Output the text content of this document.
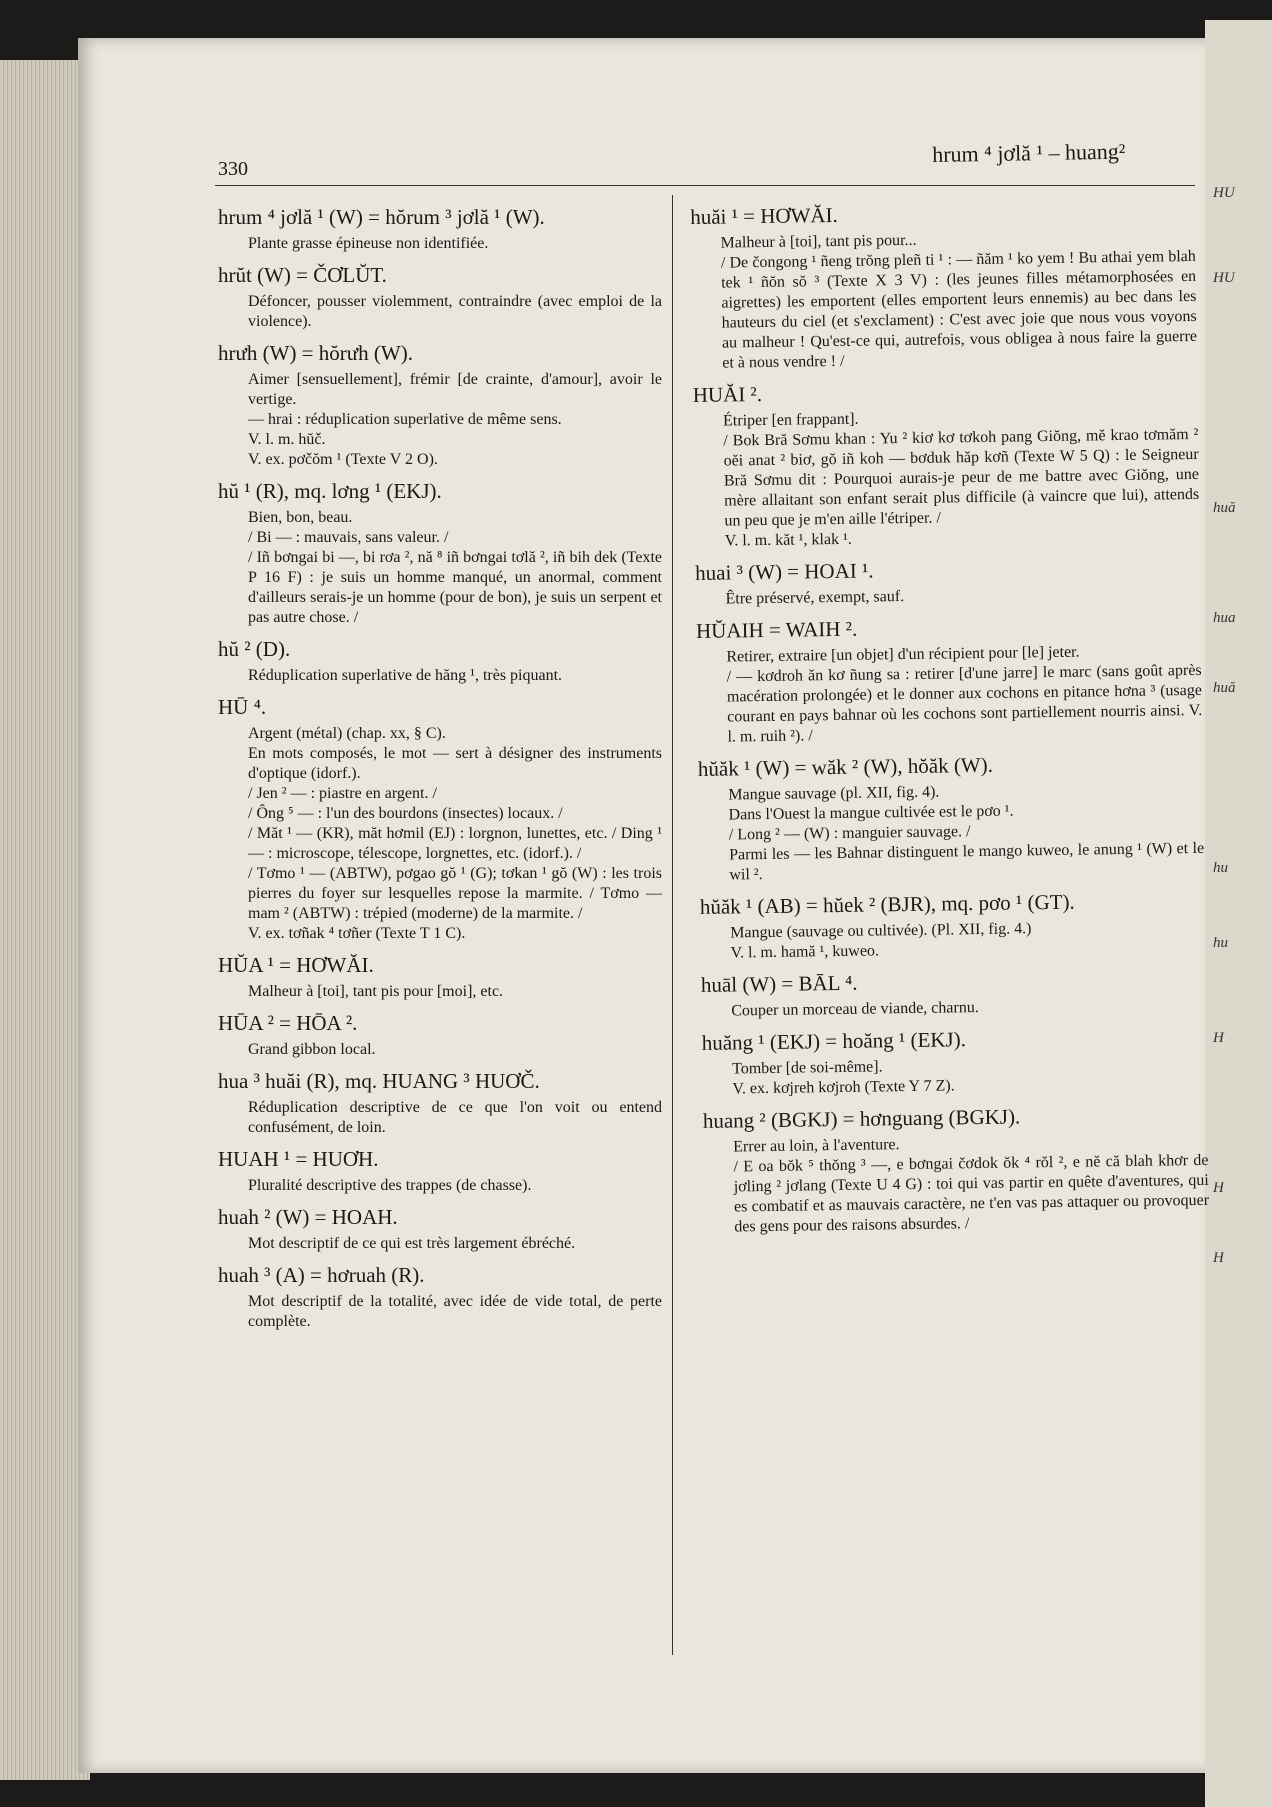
HU
HU
huă
hua
huă
hu
hu
H
H
H
330
hrum ⁴ jơlă ¹ – huang²
hrum ⁴ jơlă ¹ (W) = hŏrum ³ jơlă ¹ (W).

Plante grasse épineuse non identifiée.

hrŭt (W) = ČƠLŬT.

Défoncer, pousser violemment, contraindre (avec emploi de la violence).

hrưh (W) = hŏrưh (W).

Aimer [sensuellement], frémir [de crainte, d'amour], avoir le vertige.

— hrai : réduplication superlative de même sens.

V. l. m. hŭč.

V. ex. pơčŏm ¹ (Texte V 2 O).

hŭ ¹ (R), mq. lơng ¹ (EKJ).

Bien, bon, beau.

/ Bi — : mauvais, sans valeur. /

/ Iñ bơngai bi —, bi rơa ², nă ⁸ iñ bơngai tơlă ², iñ bih dek (Texte P 16 F) : je suis un homme manqué, un anormal, comment d'ailleurs serais-je un homme (pour de bon), je suis un serpent et pas autre chose. /

hŭ ² (D).

Réduplication superlative de hăng ¹, très piquant.

HŪ ⁴.

Argent (métal) (chap. xx, § C).

En mots composés, le mot — sert à désigner des instruments d'optique (idorf.).

/ Jen ² — : piastre en argent. /

/ Ông ⁵ — : l'un des bourdons (insectes) locaux. /

/ Măt ¹ — (KR), măt hơmil (EJ) : lorgnon, lunettes, etc. / Ding ¹ — : microscope, télescope, lorgnettes, etc. (idorf.). /

/ Tơmo ¹ — (ABTW), pơgao gŏ ¹ (G); tơkan ¹ gŏ (W) : les trois pierres du foyer sur lesquelles repose la marmite. / Tơmo — mam ² (ABTW) : trépied (moderne) de la marmite. /

V. ex. tơñak ⁴ tơñer (Texte T 1 C).

HŬA ¹ = HƠWĂI.

Malheur à [toi], tant pis pour [moi], etc.

HŪA ² = HŌA ².

Grand gibbon local.

hua ³ huăi (R), mq. HUANG ³ HUƠČ.

Réduplication descriptive de ce que l'on voit ou entend confusément, de loin.

HUAH ¹ = HUƠH.

Pluralité descriptive des trappes (de chasse).

huah ² (W) = HOAH.

Mot descriptif de ce qui est très largement ébréché.

huah ³ (A) = hơruah (R).

Mot descriptif de la totalité, avec idée de vide total, de perte complète.

huăi ¹ = HƠWĂI.

Malheur à [toi], tant pis pour...

/ De čongong ¹ ñeng trŏng pleñ ti ¹ : — ñăm ¹ ko yem ! Bu athai yem blah tek ¹ ñŏn sŏ ³ (Texte X 3 V) : (les jeunes filles métamorphosées en aigrettes) les emportent (elles emportent leurs ennemis) au bec dans les hauteurs du ciel (et s'exclament) : C'est avec joie que nous vous voyons au malheur ! Qu'est-ce qui, autrefois, vous obligea à nous faire la guerre et à nous vendre ! /

HUĂI ².

Étriper [en frappant].

/ Bok Bră Sơmu khan : Yu ² kiơ kơ tơkoh pang Giŏng, mĕ krao tơmăm ² oĕi anat ² biơ, gŏ iñ koh — bơduk hăp kơñ (Texte W 5 Q) : le Seigneur Bră Sơmu dit : Pourquoi aurais-je peur de me battre avec Giŏng, une mère allaitant son enfant serait plus difficile (à vaincre que lui), attends un peu que je m'en aille l'étriper. /

V. l. m. kăt ¹, klak ¹.

huai ³ (W) = HOAI ¹.

Être préservé, exempt, sauf.

HŬAIH = WAIH ².

Retirer, extraire [un objet] d'un récipient pour [le] jeter.

/ — kơdroh ăn kơ ñung sa : retirer [d'une jarre] le marc (sans goût après macération prolongée) et le donner aux cochons en pitance hơna ³ (usage courant en pays bahnar où les cochons sont partiellement nourris ainsi. V. l. m. ruih ²). /

hŭăk ¹ (W) = wăk ² (W), hŏăk (W).

Mangue sauvage (pl. XII, fig. 4).

Dans l'Ouest la mangue cultivée est le pơo ¹.

/ Long ² — (W) : manguier sauvage. /

Parmi les — les Bahnar distinguent le mango kuweo, le anung ¹ (W) et le wil ².

hŭăk ¹ (AB) = hŭek ² (BJR), mq. pơo ¹ (GT).

Mangue (sauvage ou cultivée). (Pl. XII, fig. 4.)

V. l. m. hamă ¹, kuweo.

huāl (W) = BĀL ⁴.

Couper un morceau de viande, charnu.

huăng ¹ (EKJ) = hoăng ¹ (EKJ).

Tomber [de soi-même].

V. ex. kơjreh kơjroh (Texte Y 7 Z).

huang ² (BGKJ) = hơnguang (BGKJ).

Errer au loin, à l'aventure.

/ E oa bŏk ⁵ thŏng ³ —, e bơngai čơdok ŏk ⁴ rŏl ², e nĕ că blah khơr de jơling ² jơlang (Texte U 4 G) : toi qui vas partir en quête d'aventures, qui es combatif et as mauvais caractère, ne t'en vas pas attaquer ou provoquer des gens pour des raisons absurdes. /
